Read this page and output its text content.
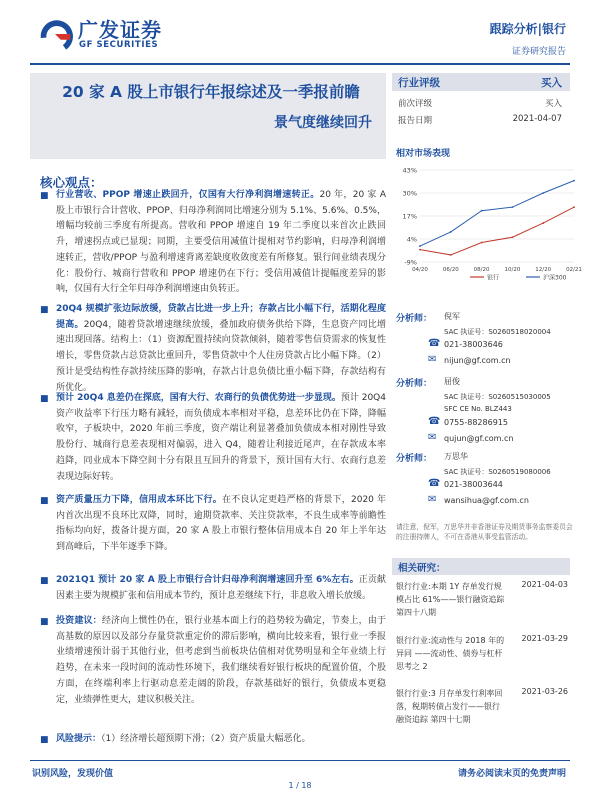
广发证券
GF SECURITIES
跟踪分析|银行
证券研究报告
20 家 A 股上市银行年报综述及一季报前瞻
景气度继续回升
行业评级	买入
前次评级	买入
报告日期	2021-04-07
相对市场表现
43%
30%
17%
4%
-9%
04/20	06/20	08/20	10/20	12/20	02/21
银行	沪深300
分析师： 倪军
SAC 执证号：S0260518020004
☎ 021-38003646
✉ nijun@gf.com.cn
分析师： 屈俊
SAC 执证号：S0260515030005
SFC CE No. BLZ443
☎ 0755-88286915
✉ qujun@gf.com.cn
分析师： 万思华
SAC 执证号：S0260519080006
☎ 021-38003644
✉ wansihua@gf.com.cn
请注意，倪军，万思华并非香港证券及期货事务监察委员会的注册持牌人，不可在香港从事受监管活动。
相关研究：
银行行业:本期 1Y 存单发行规模占比 61%——银行融资追踪 第四十八期
2021-04-03
银行行业:流动性与 2018 年的异同 ——流动性、债券与杠杆思考之 2
2021-03-29
银行行业:3 月存单发行利率回落，税期转债占发行——银行融资追踪 第四十七期
2021-03-26
核心观点：
■ 行业营收、PPOP 增速止跌回升，仅国有大行净利润增速转正。20 年，20 家 A 股上市银行合计营收、PPOP、归母净利润同比增速分别为 5.1%、5.6%、0.5%，增幅均较前三季度有所提高。营收和 PPOP 增速自 19 年二季度以来首次止跌回升，增速拐点或已显现；同期，主要受信用减值计提相对节约影响，归母净利润增速转正，营收/PPOP 与盈利增速背离差缺度收敛度差有所修复。银行间业绩表现分化：股份行、城商行营收和 PPOP 增速仍在下行；受信用减值计提幅度差异的影响，仅国有大行全年归母净利润增速由负转正。
■ 20Q4 规模扩张边际放缓，贷款占比进一步上升；存款占比小幅下行，活期化程度提高。20Q4，随着贷款增速继续放缓，叠加政府债务供给下降，生息资产同比增速出现回落。结构上：（1）资源配置持续向贷款倾斜，随着零售信贷需求的恢复性增长，零售贷款占总贷款比重回升，零售贷款中个人住房贷款占比小幅下降。（2）预计是受结构性存款持续压降的影响，存款占计息负债比重小幅下降，存款结构有所优化。
■ 预计 20Q4 息差仍在探底，国有大行、农商行的负债优势进一步显现。预计 20Q4 资产收益率下行压力略有减轻，而负债成本率相对平稳，息差环比仍在下降，降幅收窄，子板块中，2020 年前三季度，资产端让利显著叠加负债成本相对刚性导致股份行、城商行息差表现相对偏弱，进入 Q4，随着让利接近尾声，在存款成本率趋降，同业成本下降空间十分有限且互回升的背景下，预计国有大行、农商行息差表现边际好转。
■ 资产质量压力下降，信用成本环比下行。在不良认定更趋严格的背景下，2020 年内首次出现不良环比双降，同时，逾期贷款率、关注贷款率，不良生成率等前瞻性指标均向好，拨备计提方面，20 家 A 股上市银行整体信用成本自 20 年上半年达到高峰后，下半年逐季下降。
■ 2021Q1 预计 20 家 A 股上市银行合计归母净利润增速回升至 6%左右。正贡献因素主要为规模扩张和信用成本节约，预计息差继续下行，非息收入增长放缓。
■ 投资建议：经济向上惯性仍在，银行业基本面上行的趋势较为确定，节奏上，由于高基数的原因以及部分存量贷款重定价的滞后影响，横向比较来看，银行业一季报业绩增速预计弱于其他行业，但考虑到当前板块估值相对优势明显和全年业绩上行趋势，在未来一段时间的流动性环境下，我们继续看好银行板块的配置价值，个股方面，在终端利率上行驱动息差走阔的阶段，存款基础好的银行，负债成本更稳定，业绩弹性更大，建议积极关注。
■ 风险提示：（1）经济增长超预期下滑；（2）资产质量大幅恶化。
识别风险，发现价值	请务必阅读末页的免责声明
1 / 18
